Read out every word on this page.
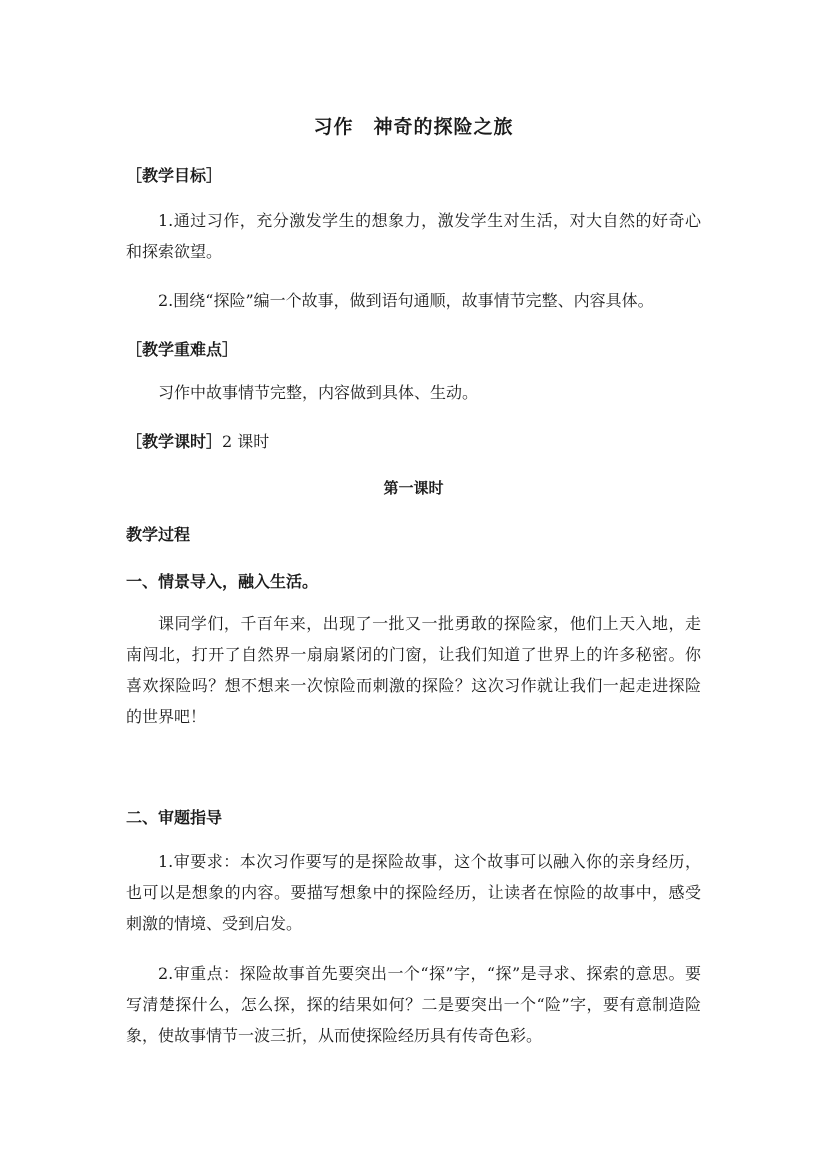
习作　神奇的探险之旅
［教学目标］
1.通过习作，充分激发学生的想象力，激发学生对生活，对大自然的好奇心和探索欲望。
2.围绕“探险”编一个故事，做到语句通顺，故事情节完整、内容具体。
［教学重难点］
习作中故事情节完整，内容做到具体、生动。
［教学课时］2 课时
第一课时
教学过程
一、情景导入，融入生活。
课同学们，千百年来，出现了一批又一批勇敢的探险家，他们上天入地，走南闯北，打开了自然界一扇扇紧闭的门窗，让我们知道了世界上的许多秘密。你喜欢探险吗？想不想来一次惊险而刺激的探险？这次习作就让我们一起走进探险的世界吧！
二、审题指导
1.审要求：本次习作要写的是探险故事，这个故事可以融入你的亲身经历，也可以是想象的内容。要描写想象中的探险经历，让读者在惊险的故事中，感受刺激的情境、受到启发。
2.审重点：探险故事首先要突出一个“探”字，“探”是寻求、探索的意思。要写清楚探什么，怎么探，探的结果如何？二是要突出一个“险”字，要有意制造险象，使故事情节一波三折，从而使探险经历具有传奇色彩。
